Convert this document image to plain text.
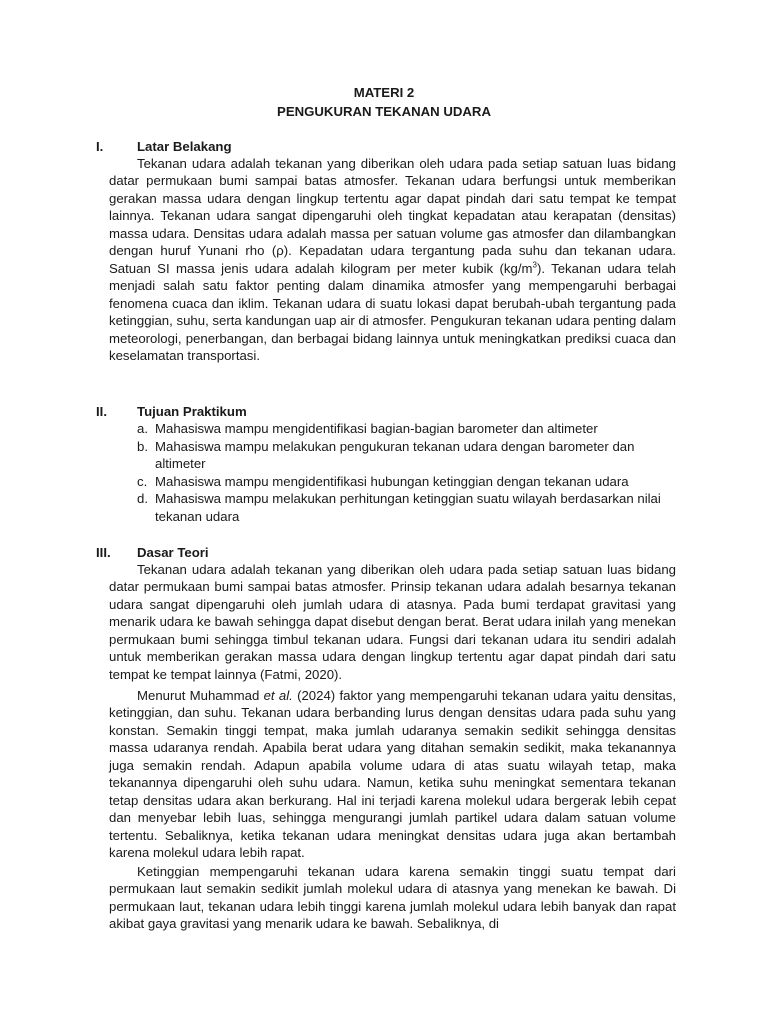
MATERI 2
PENGUKURAN TEKANAN UDARA
I.	Latar Belakang

Tekanan udara adalah tekanan yang diberikan oleh udara pada setiap satuan luas bidang datar permukaan bumi sampai batas atmosfer. Tekanan udara berfungsi untuk memberikan gerakan massa udara dengan lingkup tertentu agar dapat pindah dari satu tempat ke tempat lainnya. Tekanan udara sangat dipengaruhi oleh tingkat kepadatan atau kerapatan (densitas) massa udara. Densitas udara adalah massa per satuan volume gas atmosfer dan dilambangkan dengan huruf Yunani rho (ρ). Kepadatan udara tergantung pada suhu dan tekanan udara. Satuan SI massa jenis udara adalah kilogram per meter kubik $(kg/m^3)$. Tekanan udara telah menjadi salah satu faktor penting dalam dinamika atmosfer yang mempengaruhi berbagai fenomena cuaca dan iklim. Tekanan udara di suatu lokasi dapat berubah-ubah tergantung pada ketinggian, suhu, serta kandungan uap air di atmosfer. Pengukuran tekanan udara penting dalam meteorologi, penerbangan, dan berbagai bidang lainnya untuk meningkatkan prediksi cuaca dan keselamatan transportasi.

II. Tujuan Praktikum
a. Mahasiswa mampu mengidentifikasi bagian-bagian barometer dan altimeter
b. Mahasiswa mampu melakukan pengukuran tekanan udara dengan barometer dan altimeter
c. Mahasiswa mampu mengidentifikasi hubungan ketinggian dengan tekanan udara
d. Mahasiswa mampu melakukan perhitungan ketinggian suatu wilayah berdasarkan nilai tekanan udara
III. Dasar Teori

Tekanan udara adalah tekanan yang diberikan oleh udara pada setiap satuan luas bidang datar permukaan bumi sampai batas atmosfer. Prinsip tekanan udara adalah besarnya tekanan udara sangat dipengaruhi oleh jumlah udara di atasnya. Pada bumi terdapat gravitasi yang menarik udara ke bawah sehingga dapat disebut dengan berat. Berat udara inilah yang menekan permukaan bumi sehingga timbul tekanan udara. Fungsi dari tekanan udara itu sendiri adalah untuk memberikan gerakan massa udara dengan lingkup tertentu agar dapat pindah dari satu tempat ke tempat lainnya (Fatmi, 2020).

Menurut Muhammad et al. (2024) faktor yang mempengaruhi tekanan udara yaitu densitas, ketinggian, dan suhu. Tekanan udara berbanding lurus dengan densitas udara pada suhu yang konstan. Semakin tinggi tempat, maka jumlah udaranya semakin sedikit sehingga densitas massa udaranya rendah. Apabila berat udara yang ditahan semakin sedikit, maka tekanannya juga semakin rendah. Adapun apabila volume udara di atas suatu wilayah tetap, maka tekanannya dipengaruhi oleh suhu udara. Namun, ketika suhu meningkat sementara tekanan tetap densitas udara akan berkurang. Hal ini terjadi karena molekul udara bergerak lebih cepat dan menyebar lebih luas, sehingga mengurangi jumlah partikel udara dalam satuan volume tertentu. Sebaliknya, ketika tekanan udara meningkat densitas udara juga akan bertambah karena molekul udara lebih rapat.

Ketinggian mempengaruhi tekanan udara karena semakin tinggi suatu tempat dari permukaan laut semakin sedikit jumlah molekul udara di atasnya yang menekan ke bawah. Di permukaan laut, tekanan udara lebih tinggi karena jumlah molekul udara lebih banyak dan rapat akibat gaya gravitasi yang menarik udara ke bawah. Sebaliknya, di
